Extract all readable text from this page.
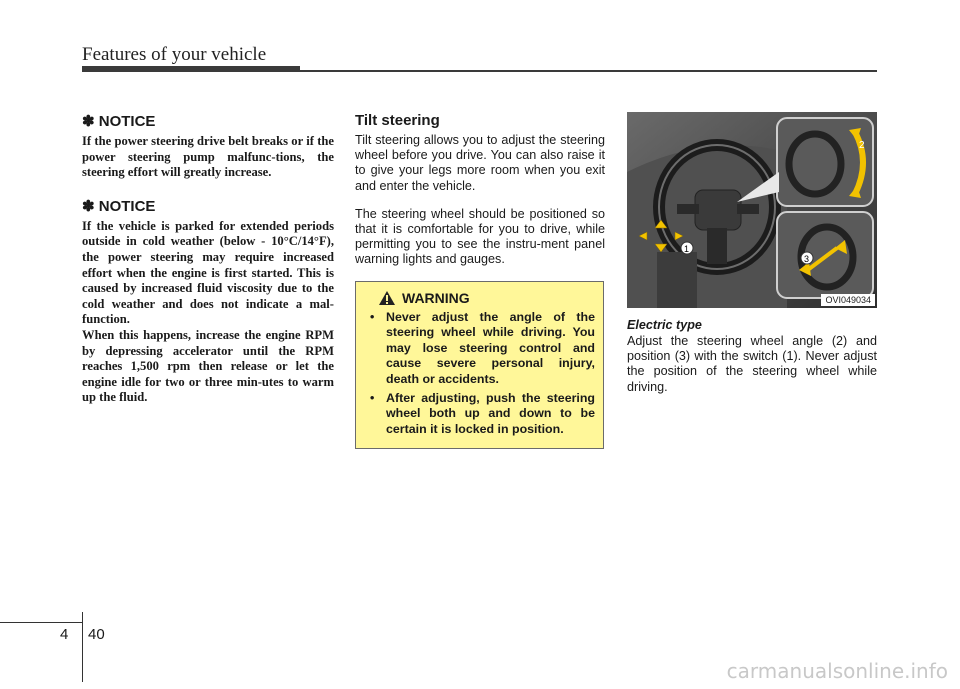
Features of your vehicle
✽ NOTICE

If the power steering drive belt breaks or if the power steering pump malfunc-tions, the steering effort will greatly increase.

✽ NOTICE

If the vehicle is parked for extended periods outside in cold weather (below - 10°C/14°F), the power steering may require increased effort when the engine is first started. This is caused by increased fluid viscosity due to the cold weather and does not indicate a mal-function.

When this happens, increase the engine RPM by depressing accelerator until the RPM reaches 1,500 rpm then release or let the engine idle for two or three min-utes to warm up the fluid.

Tilt steering

Tilt steering allows you to adjust the steering wheel before you drive. You can also raise it to give your legs more room when you exit and enter the vehicle.

The steering wheel should be positioned so that it is comfortable for you to drive, while permitting you to see the instru-ment panel warning lights and gauges.

WARNING
• Never adjust the angle of the steering wheel while driving. You may lose steering control and cause severe personal injury, death or accidents.
• After adjusting, push the steering wheel both up and down to be certain it is locked in position.
1
2
3
OVI049034
Electric type

Adjust the steering wheel angle (2) and position (3) with the switch (1). Never adjust the position of the steering wheel while driving.

4 40
carmanualsonline.info
